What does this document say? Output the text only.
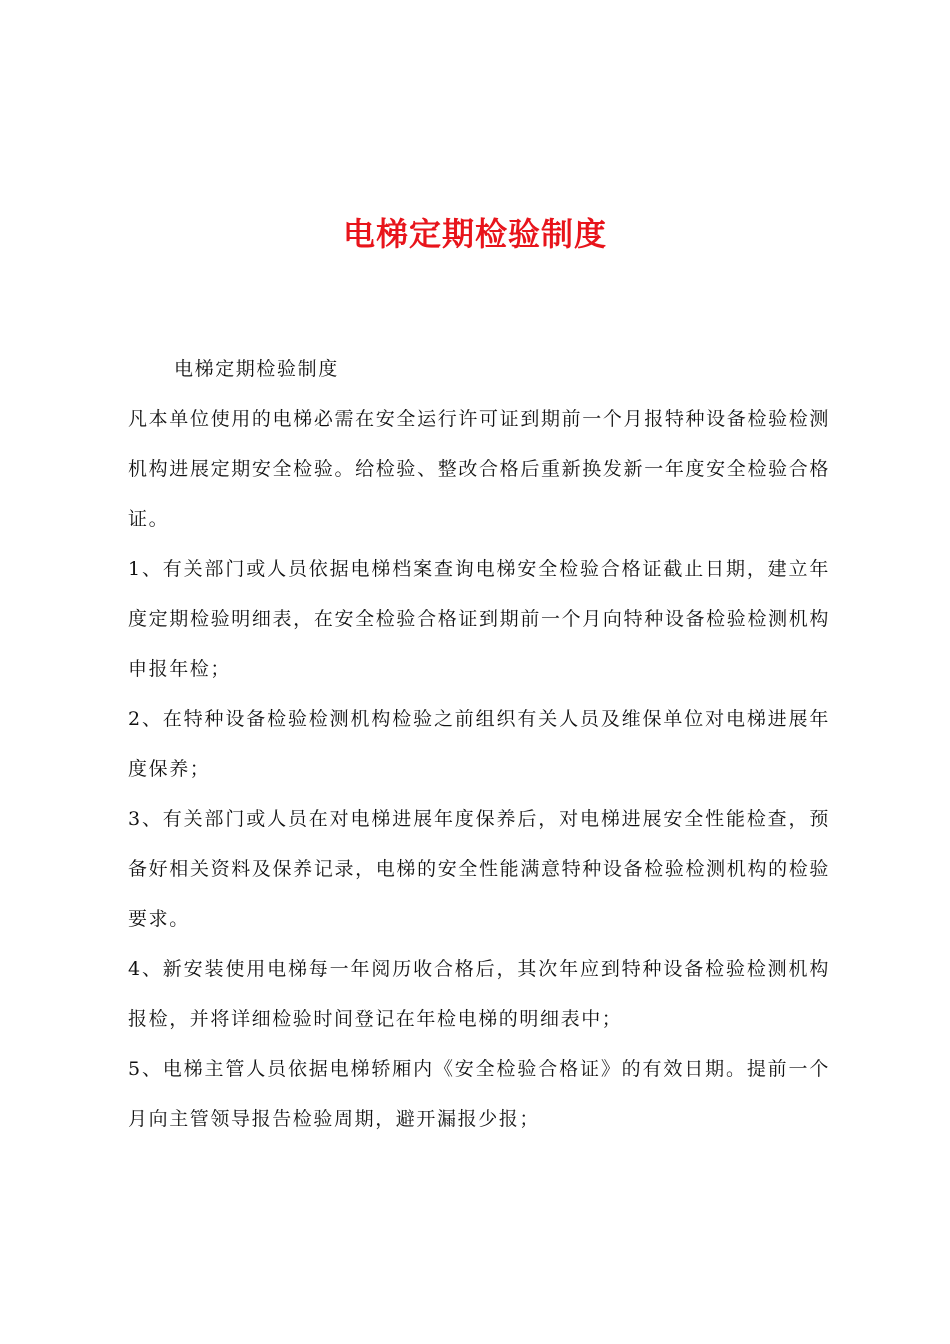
电梯定期检验制度

电梯定期检验制度

凡本单位使用的电梯必需在安全运行许可证到期前一个月报特种设备检验检测机构进展定期安全检验。给检验、整改合格后重新换发新一年度安全检验合格证。

1、有关部门或人员依据电梯档案查询电梯安全检验合格证截止日期，建立年度定期检验明细表，在安全检验合格证到期前一个月向特种设备检验检测机构申报年检；

2、在特种设备检验检测机构检验之前组织有关人员及维保单位对电梯进展年度保养；

3、有关部门或人员在对电梯进展年度保养后，对电梯进展安全性能检查，预备好相关资料及保养记录，电梯的安全性能满意特种设备检验检测机构的检验要求。

4、新安装使用电梯每一年阅历收合格后，其次年应到特种设备检验检测机构报检，并将详细检验时间登记在年检电梯的明细表中；

5、电梯主管人员依据电梯轿厢内《安全检验合格证》的有效日期。提前一个月向主管领导报告检验周期，避开漏报少报；
